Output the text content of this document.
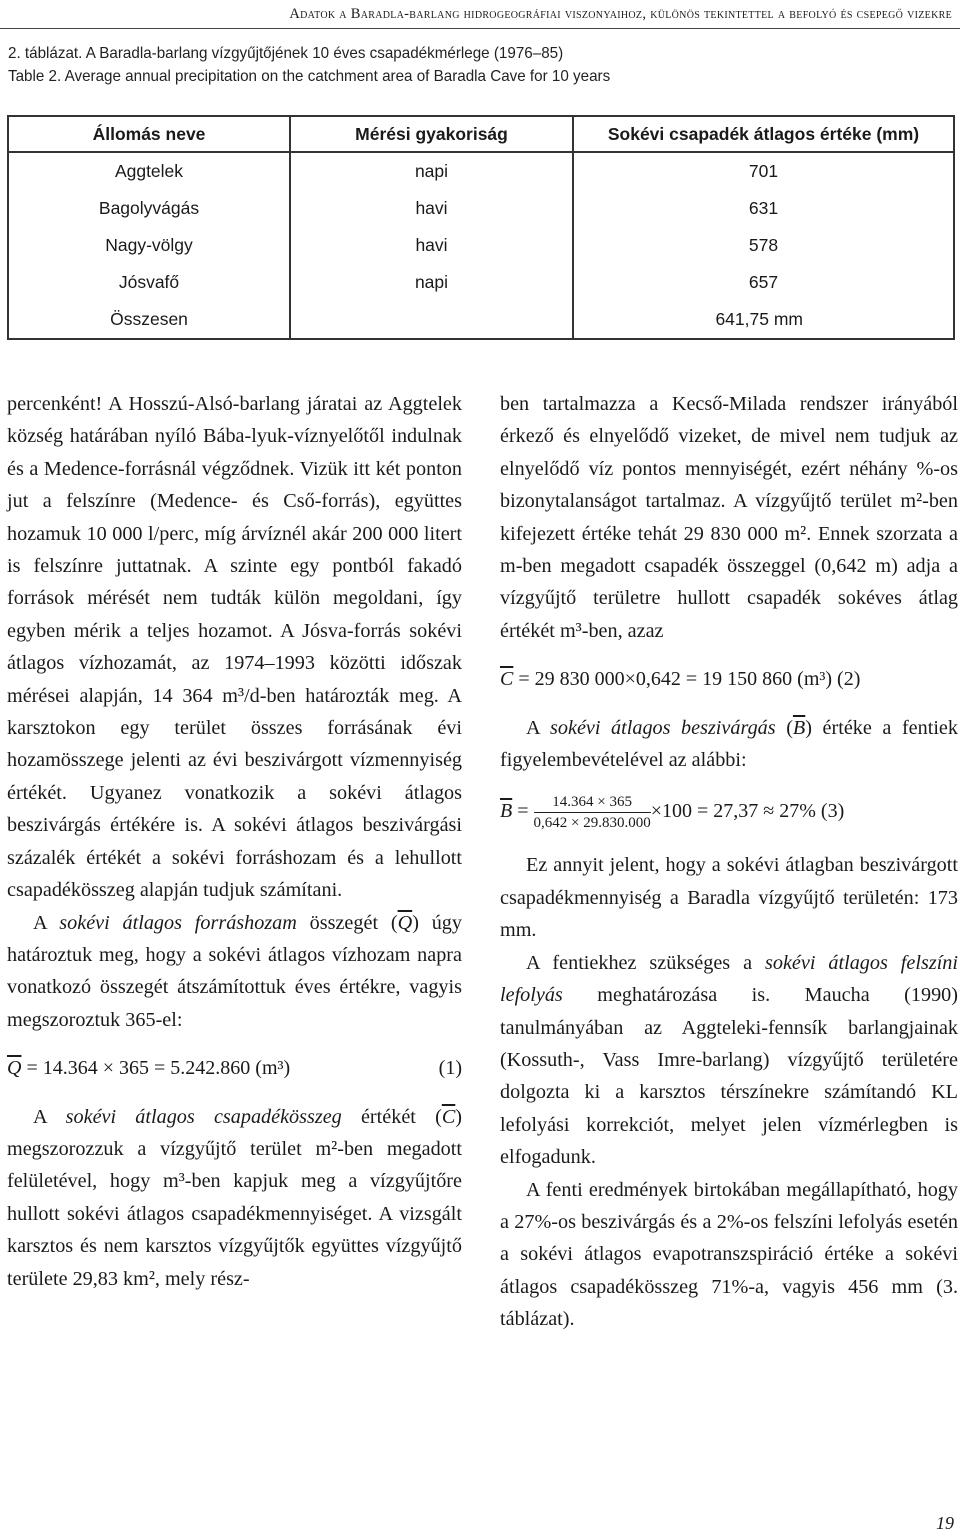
Adatok a Baradla-barlang hidrogeográfiai viszonyaihoz, különös tekintettel a befolyó és csepegő vizekre
2. táblázat. A Baradla-barlang vízgyűjtőjének 10 éves csapadékmérlege (1976–85)
Table 2. Average annual precipitation on the catchment area of Baradla Cave for 10 years
Állomás neve	Mérési gyakoriság	Sokévi csapadék átlagos értéke (mm)
Aggtelek	napi	701
Bagolyvágás	havi	631
Nagy-völgy	havi	578
Jósvafő	napi	657
Összesen		641,75 mm

percenként! A Hosszú-Alsó-barlang járatai az Aggtelek község határában nyíló Bába-lyuk-víznyelőtől indulnak és a Medence-forrásnál végződnek. Vizük itt két ponton jut a felszínre (Medence- és Cső-forrás), együttes hozamuk 10 000 l/perc, míg árvíznél akár 200 000 litert is felszínre juttatnak. A szinte egy pontból fakadó források mérését nem tudták külön megoldani, így egyben mérik a teljes hozamot. A Jósva-forrás sokévi átlagos vízhozamát, az 1974–1993 közötti időszak mérései alapján, 14 364 m³/d-ben határozták meg. A karsztokon egy terület összes forrásának évi hozamösszege jelenti az évi beszivárgott vízmennyiség értékét. Ugyanez vonatkozik a sokévi átlagos beszivárgás értékére is. A sokévi átlagos beszivárgási százalék értékét a sokévi forráshozam és a lehullott csapadékösszeg alapján tudjuk számítani.

A sokévi átlagos forráshozam összegét $(\overline{Q})$ úgy határoztuk meg, hogy a sokévi átlagos vízhozam napra vonatkozó összegét átszámítottuk éves értékre, vagyis megszoroztuk 365-el:

$\overline{Q} = 14.364 \times 365 = 5.242.860$ (m³)	(1)

A sokévi átlagos csapadékösszeg értékét $(\overline{C})$ megszorozzuk a vízgyűjtő terület m²-ben megadott felületével, hogy m³-ben kapjuk meg a vízgyűjtőre hullott sokévi átlagos csapadékmennyiséget. A vizsgált karsztos és nem karsztos vízgyűjtők együttes vízgyűjtő területe 29,83 km², mely rész-

ben tartalmazza a Kecső-Milada rendszer irányából érkező és elnyelődő vizeket, de mivel nem tudjuk az elnyelődő víz pontos mennyiségét, ezért néhány %-os bizonytalanságot tartalmaz. A vízgyűjtő terület m²-ben kifejezett értéke tehát 29 830 000 m². Ennek szorzata a m-ben megadott csapadék összeggel (0,642 m) adja a vízgyűjtő területre hullott csapadék sokéves átlag értékét m³-ben, azaz

$\overline{C} = 29$ 830 000×0,642 = 19 150 860 (m³) (2)

A sokévi átlagos beszivárgás $(\overline{B})$ értéke a fentiek figyelembevételével az alábbi:

$\overline{B} = \frac{14.364 \times 365}{0,642 \times 29.830.000} \times 100 = 27,37 \approx 27\%$ (3)

Ez annyit jelent, hogy a sokévi átlagban beszivárgott csapadékmennyiség a Baradla vízgyűjtő területén: 173 mm.

A fentiekhez szükséges a sokévi átlagos felszíni lefolyás meghatározása is. Maucha (1990) tanulmányában az Aggteleki-fennsík barlangjainak (Kossuth-, Vass Imre-barlang) vízgyűjtő területére dolgozta ki a karsztos térszínekre számítandó KL lefolyási korrekciót, melyet jelen vízmérlegben is elfogadunk.

A fenti eredmények birtokában megállapítható, hogy a 27%-os beszivárgás és a 2%-os felszíni lefolyás esetén a sokévi átlagos evapotranszspiráció értéke a sokévi átlagos csapadékösszeg 71%-a, vagyis 456 mm (3. táblázat).

19
